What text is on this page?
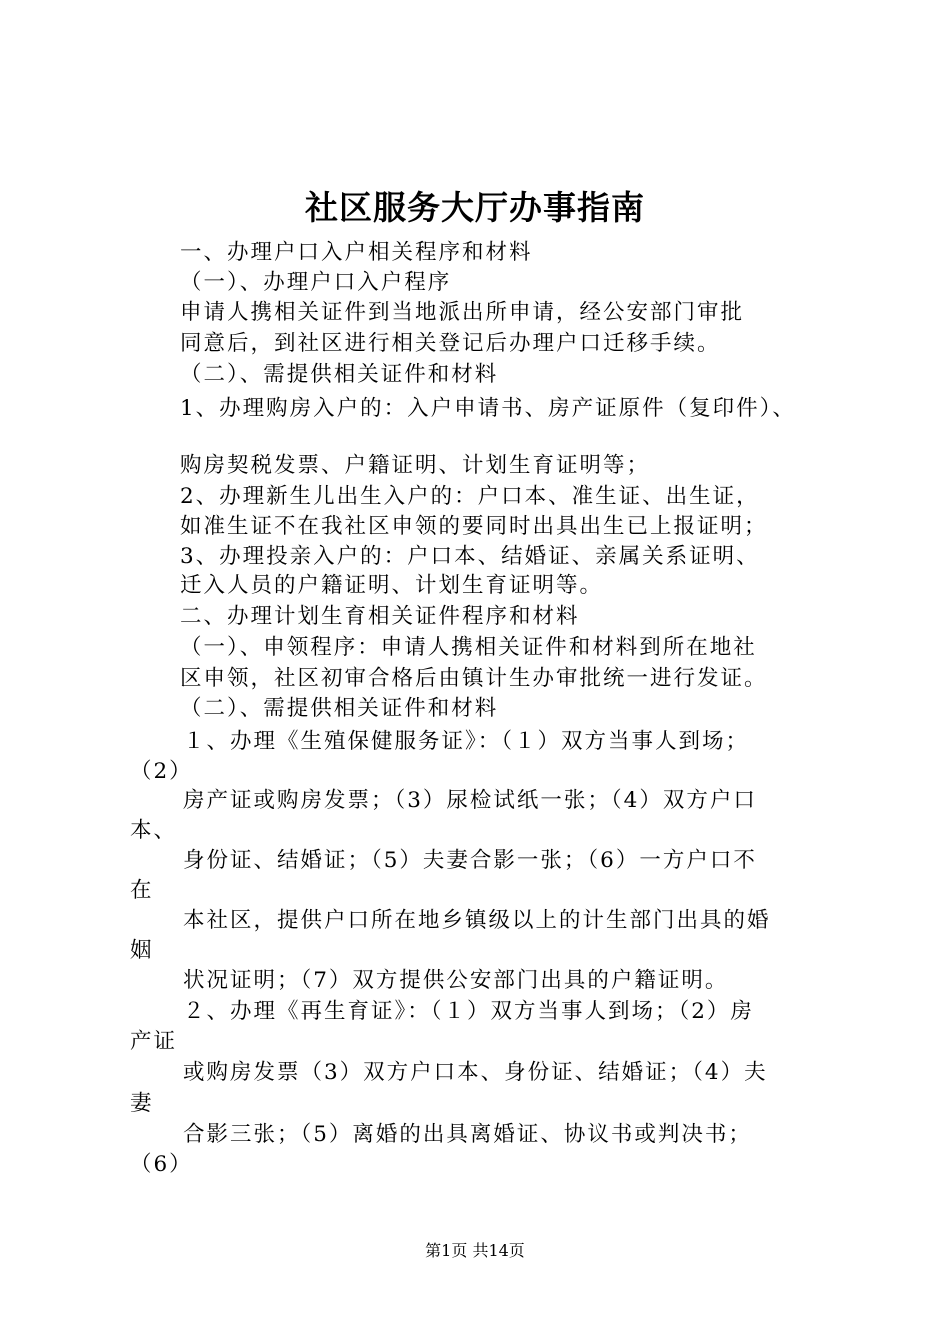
社区服务大厅办事指南
一、办理户口入户相关程序和材料
（一）、办理户口入户程序
申请人携相关证件到当地派出所申请，经公安部门审批
同意后，到社区进行相关登记后办理户口迁移手续。
（二）、需提供相关证件和材料
1、办理购房入户的：入户申请书、房产证原件（复印件）、
购房契税发票、户籍证明、计划生育证明等；
2、办理新生儿出生入户的：户口本、准生证、出生证，
如准生证不在我社区申领的要同时出具出生已上报证明；
3、办理投亲入户的：户口本、结婚证、亲属关系证明、
迁入人员的户籍证明、计划生育证明等。
二、办理计划生育相关证件程序和材料
（一）、申领程序：申请人携相关证件和材料到所在地社
区申领，社区初审合格后由镇计生办审批统一进行发证。
（二）、需提供相关证件和材料
１、办理《生殖保健服务证》：（１）双方当事人到场；
（2）
房产证或购房发票；（3）尿检试纸一张；（4）双方户口
本、
身份证、结婚证；（5）夫妻合影一张；（6）一方户口不
在
本社区，提供户口所在地乡镇级以上的计生部门出具的婚
姻
状况证明；（7）双方提供公安部门出具的户籍证明。
２、办理《再生育证》：（１）双方当事人到场；（2）房
产证
或购房发票（3）双方户口本、身份证、结婚证；（4）夫
妻
合影三张；（5）离婚的出具离婚证、协议书或判决书；
（6）
第1页 共14页
